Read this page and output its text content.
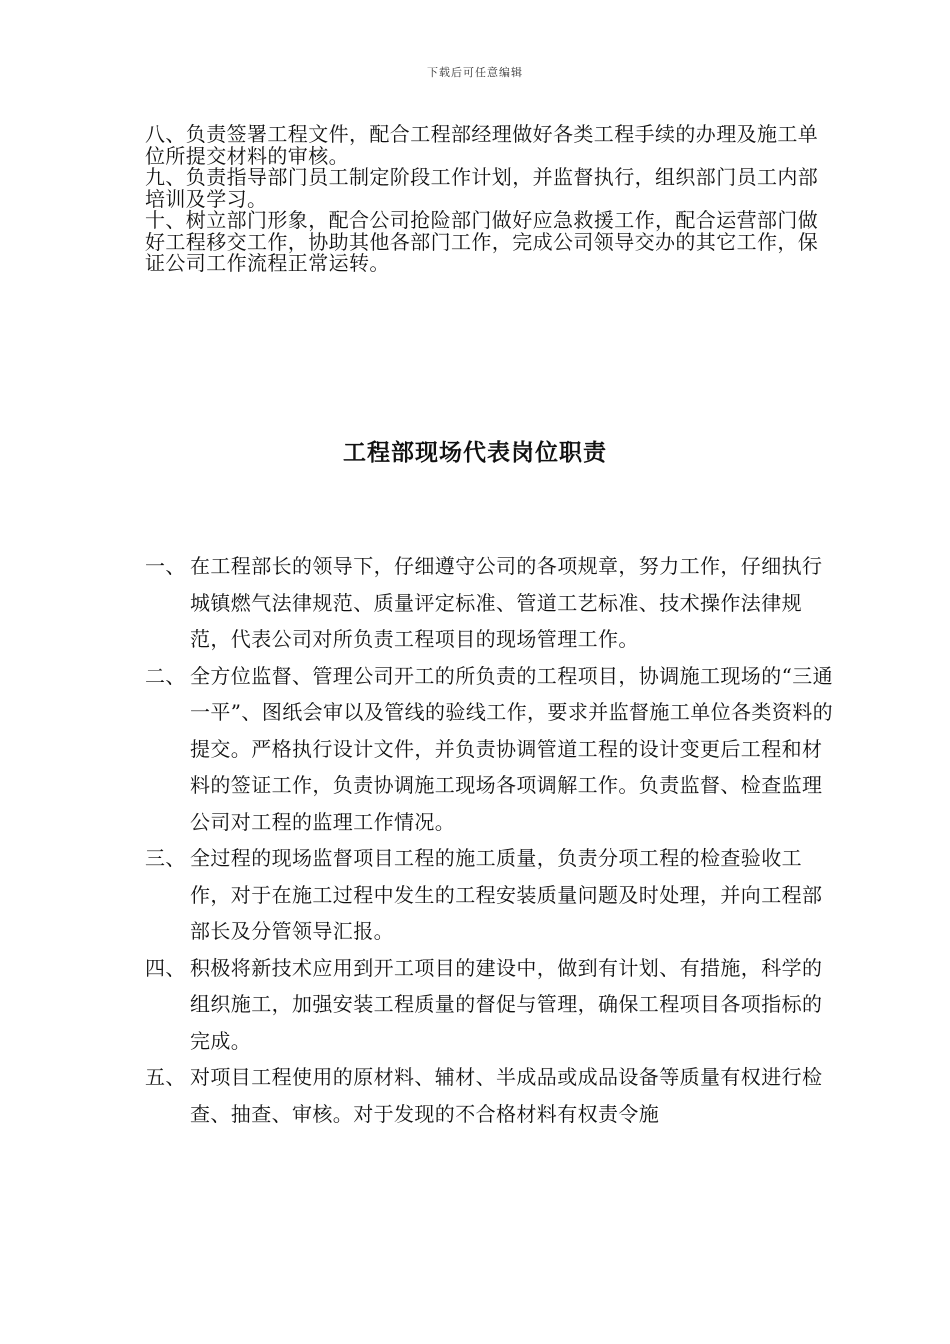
下载后可任意编辑

八、负责签署工程文件，配合工程部经理做好各类工程手续的办理及施工单位所提交材料的审核。

九、负责指导部门员工制定阶段工作计划，并监督执行，组织部门员工内部培训及学习。

十、树立部门形象，配合公司抢险部门做好应急救援工作，配合运营部门做好工程移交工作，协助其他各部门工作，完成公司领导交办的其它工作，保证公司工作流程正常运转。

工程部现场代表岗位职责
一、 在工程部长的领导下，仔细遵守公司的各项规章，努力工作，仔细执行城镇燃气法律规范、质量评定标准、管道工艺标准、技术操作法律规范，代表公司对所负责工程项目的现场管理工作。
二、 全方位监督、管理公司开工的所负责的工程项目，协调施工现场的“三通一平”、图纸会审以及管线的验线工作，要求并监督施工单位各类资料的提交。严格执行设计文件，并负责协调管道工程的设计变更后工程和材料的签证工作，负责协调施工现场各项调解工作。负责监督、检查监理公司对工程的监理工作情况。
三、 全过程的现场监督项目工程的施工质量，负责分项工程的检查验收工作，对于在施工过程中发生的工程安装质量问题及时处理，并向工程部部长及分管领导汇报。
四、 积极将新技术应用到开工项目的建设中，做到有计划、有措施，科学的组织施工，加强安装工程质量的督促与管理，确保工程项目各项指标的完成。
五、 对项目工程使用的原材料、辅材、半成品或成品设备等质量有权进行检查、抽查、审核。对于发现的不合格材料有权责令施
